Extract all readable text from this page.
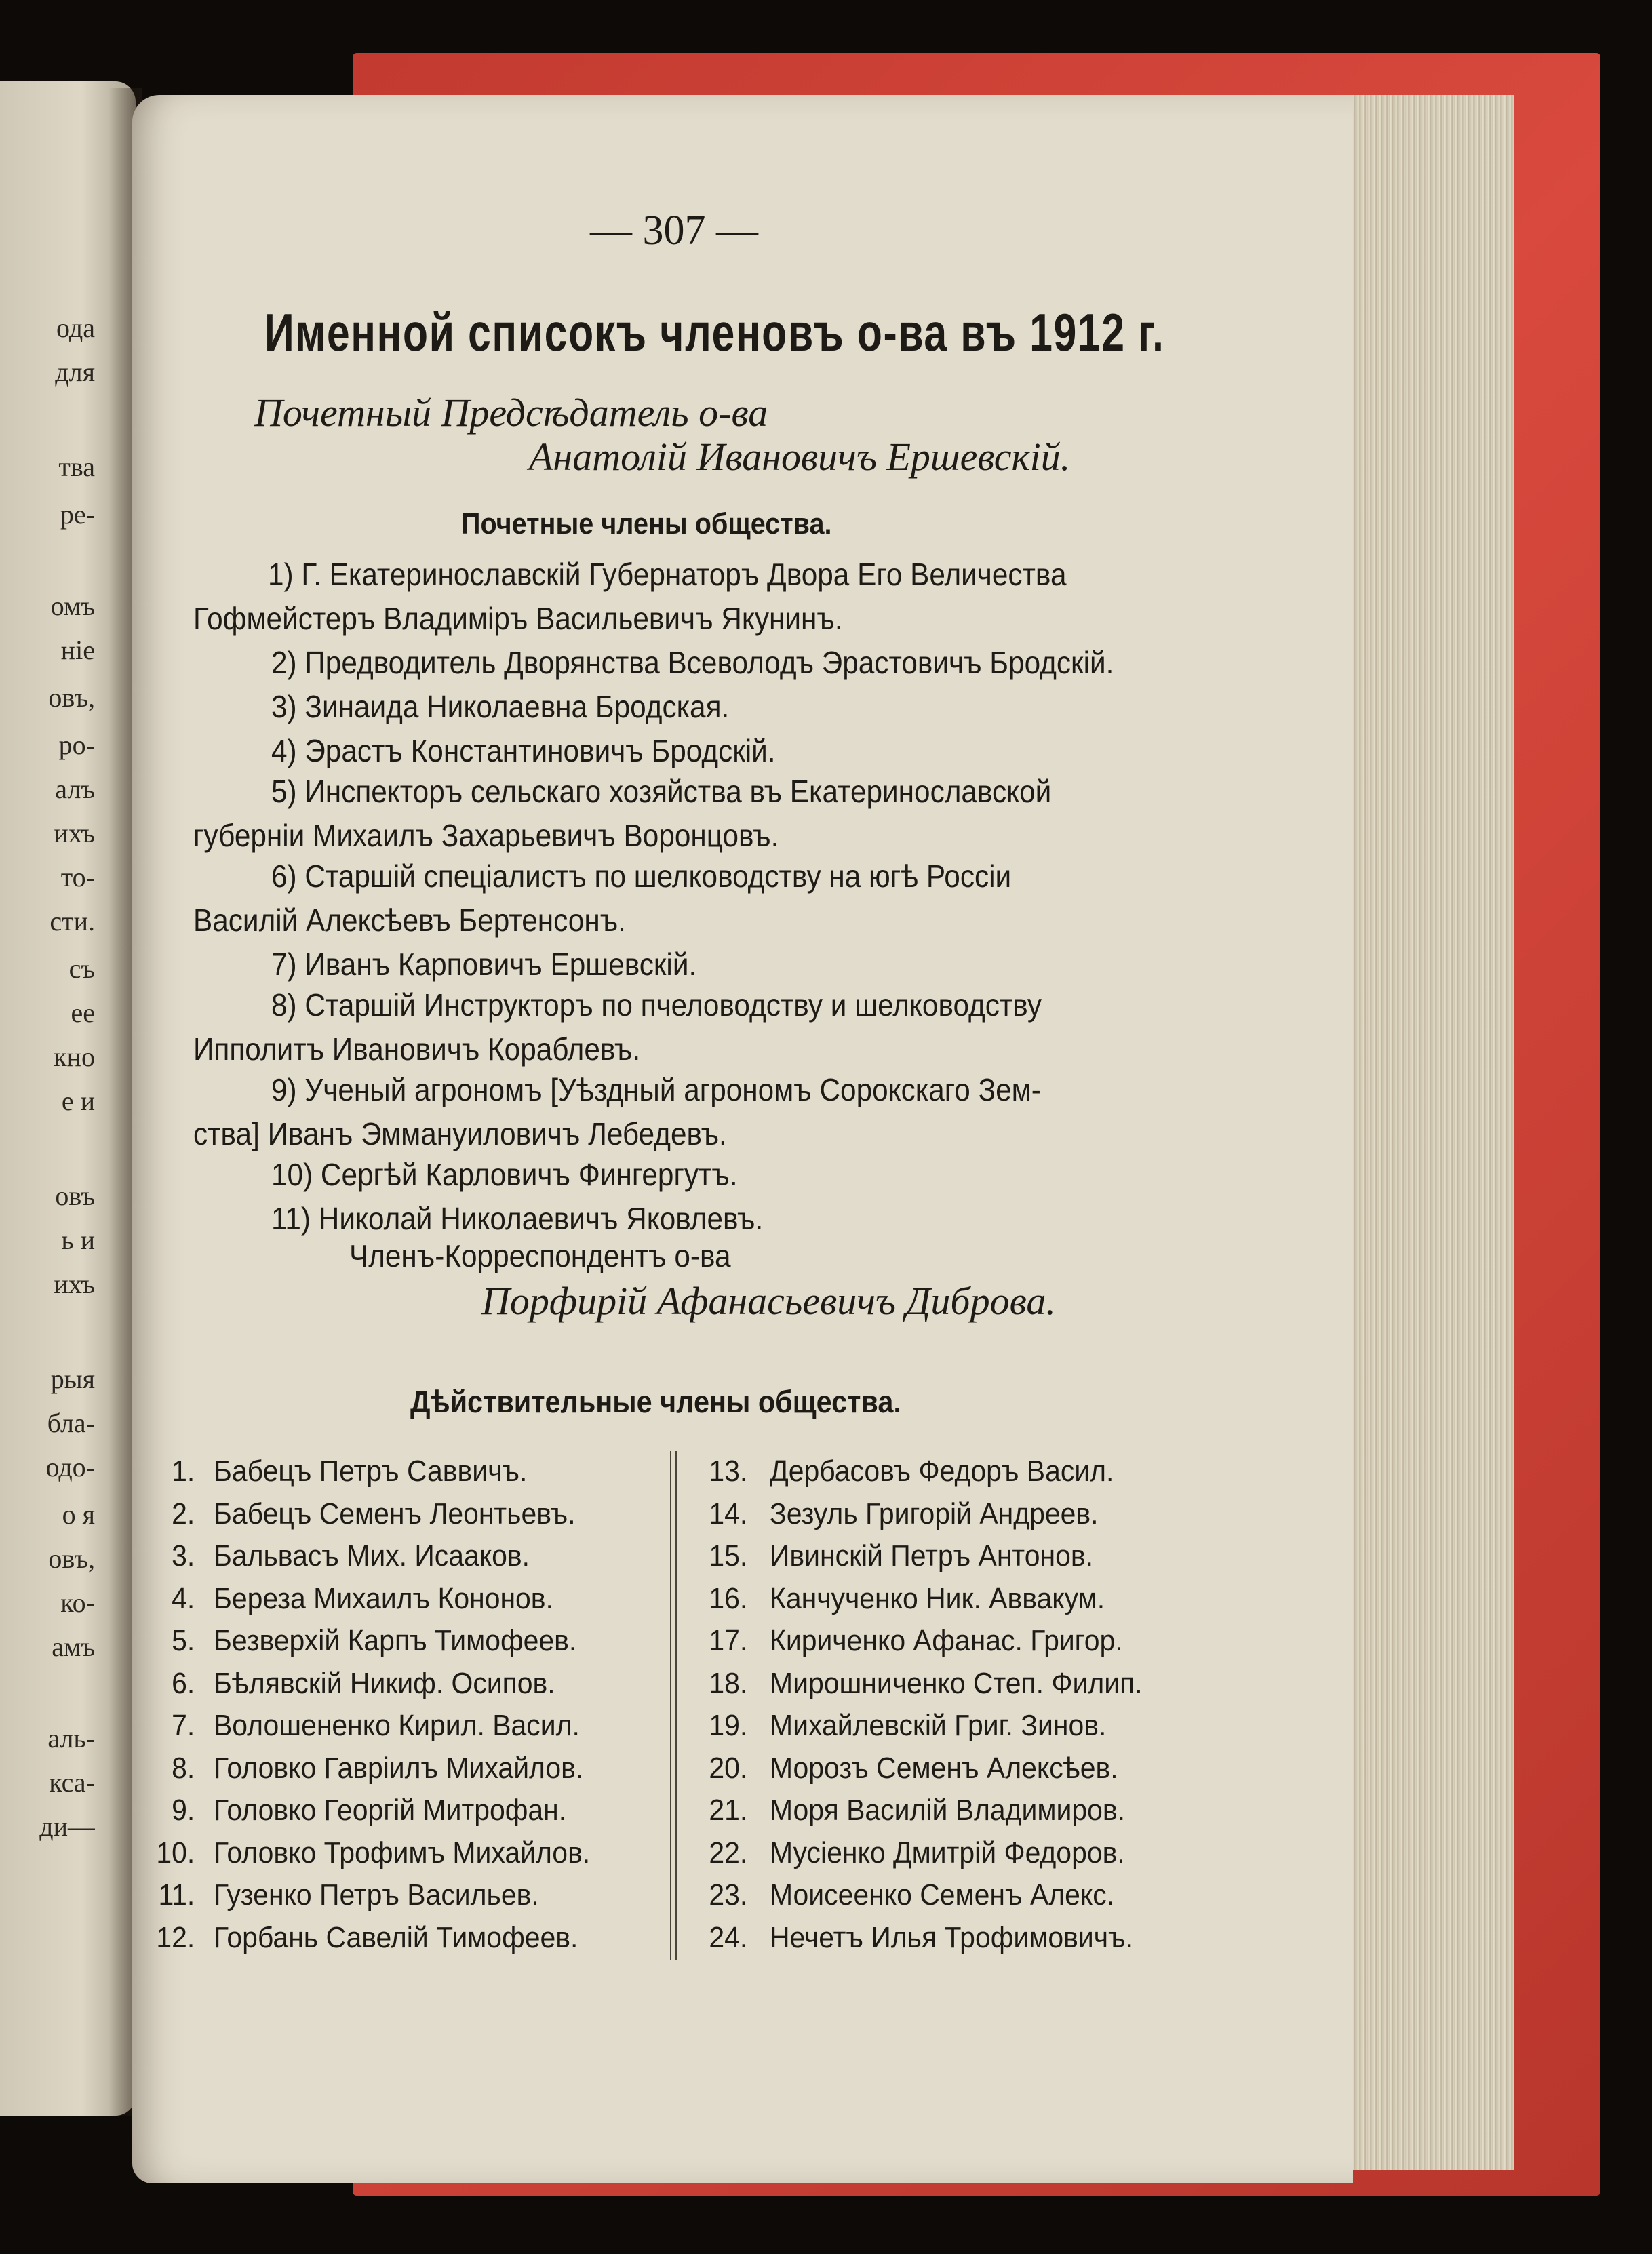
ода
для
тва
ре-
омъ
ніе
овъ,
ро-
алъ
ихъ
то-
сти.
съ
ее
кно
е и
овъ
ь и
ихъ
рыя
бла-
одо-
о я
овъ,
ко-
амъ
аль-
кса-
ди—
— 307 —
Именной списокъ членовъ о-ва въ 1912 г.
Почетный Предсѣдатель о-ва
Анатолій Ивановичъ Ершевскій.
Почетные члены общества.
1) Г. Екатеринославскій Губернаторъ Двора Его Величества
Гофмейстеръ Владиміръ Васильевичъ Якунинъ.
2) Предводитель Дворянства Всеволодъ Эрастовичъ Бродскій.
3) Зинаида Николаевна Бродская.
4) Эрастъ Константиновичъ Бродскій.
5) Инспекторъ сельскаго хозяйства въ Екатеринославской
губерніи Михаилъ Захарьевичъ Воронцовъ.
6) Старшій спеціалистъ по шелководству на югѣ Россіи
Василій Алексѣевъ Бертенсонъ.
7) Иванъ Карповичъ Ершевскій.
8) Старшій Инструкторъ по пчеловодству и шелководству
Ипполитъ Ивановичъ Кораблевъ.
9) Ученый агрономъ [Уѣздный агрономъ Сорокскаго Зем-
ства] Иванъ Эммануиловичъ Лебедевъ.
10) Сергѣй Карловичъ Фингергутъ.
11) Николай Николаевичъ Яковлевъ.
Членъ-Корреспондентъ о-ва
Порфирій Афанасьевичъ Диброва.
Дѣйствительные члены общества.
1. Бабецъ Петръ Саввичъ.
2. Бабецъ Семенъ Леонтьевъ.
3. Бальвасъ Мих. Исааков.
4. Береза Михаилъ Кононов.
5. Безверхій Карпъ Тимофеев.
6. Бѣлявскій Никиф. Осипов.
7. Волошененко Кирил. Васил.
8. Головко Гавріилъ Михайлов.
9. Головко Георгій Митрофан.
10. Головко Трофимъ Михайлов.
11. Гузенко Петръ Васильев.
12. Горбань Савелій Тимофеев.
13. Дербасовъ Федоръ Васил.
14. Зезуль Григорій Андреев.
15. Ивинскій Петръ Антонов.
16. Канчученко Ник. Аввакум.
17. Кириченко Афанас. Григор.
18. Мирошниченко Степ. Филип.
19. Михайлевскій Григ. Зинов.
20. Морозъ Семенъ Алексѣев.
21. Моря Василій Владимиров.
22. Мусіенко Дмитрій Федоров.
23. Моисеенко Семенъ Алекс.
24. Нечетъ Илья Трофимовичъ.
